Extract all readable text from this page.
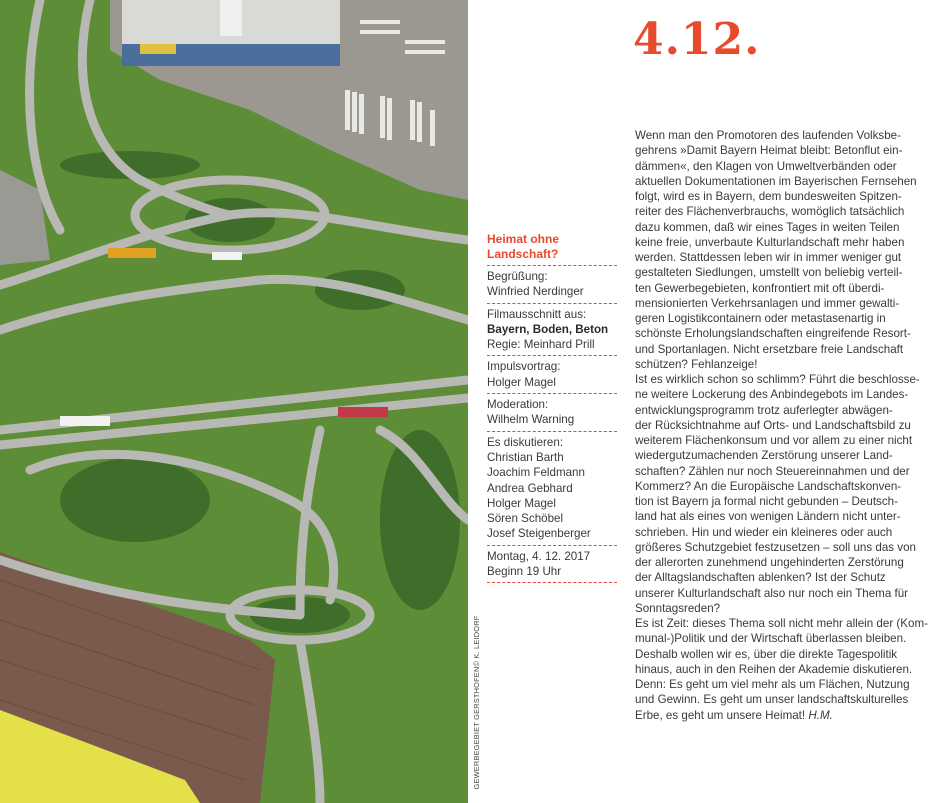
GEWERBEGEBIET GERSTHOFEN© K. LEIDORF
4.12.
Heimat ohne
Landschaft?
Begrüßung:
Winfried Nerdinger
Filmausschnitt aus:
Bayern, Boden, Beton
Regie: Meinhard Prill
Impulsvortrag:
Holger Magel
Moderation:
Wilhelm Warning
Es diskutieren:
Christian Barth
Joachim Feldmann
Andrea Gebhard
Holger Magel
Sören Schöbel
Josef Steigenberger
Montag, 4. 12. 2017
Beginn 19 Uhr
Wenn man den Promotoren des laufenden Volksbe-
gehrens »Damit Bayern Heimat bleibt: Betonflut ein-
dämmen«, den Klagen von Umweltverbänden oder
aktuellen Dokumentationen im Bayerischen Fernsehen
folgt, wird es in Bayern, dem bundesweiten Spitzen-
reiter des Flächenverbrauchs, womöglich tatsächlich
dazu kommen, daß wir eines Tages in weiten Teilen
keine freie, unverbaute Kulturlandschaft mehr haben
werden. Stattdessen leben wir in immer weniger gut
gestalteten Siedlungen, umstellt von beliebig verteil-
ten Gewerbegebieten, konfrontiert mit oft überdi-
mensionierten Verkehrsanlagen und immer gewalti-
geren Logistikcontainern oder metastasenartig in
schönste Erholungslandschaften eingreifende Resort-
und Sportanlagen. Nicht ersetzbare freie Landschaft
schützen? Fehlanzeige!
Ist es wirklich schon so schlimm? Führt die beschlosse-
ne weitere Lockerung des Anbindegebots im Landes-
entwicklungsprogramm trotz auferlegter abwägen-
der Rücksichtnahme auf Orts- und Landschaftsbild zu
weiterem Flächenkonsum und vor allem zu einer nicht
wiedergutzumachenden Zerstörung unserer Land-
schaften? Zählen nur noch Steuereinnahmen und der
Kommerz? An die Europäische Landschaftskonven-
tion ist Bayern ja formal nicht gebunden – Deutsch-
land hat als eines von wenigen Ländern nicht unter-
schrieben. Hin und wieder ein kleineres oder auch
größeres Schutzgebiet festzusetzen – soll uns das von
der allerorten zunehmend ungehinderten Zerstörung
der Alltagslandschaften ablenken? Ist der Schutz
unserer Kulturlandschaft also nur noch ein Thema für
Sonntagsreden?
Es ist Zeit: dieses Thema soll nicht mehr allein der (Kom-
munal-)Politik und der Wirtschaft überlassen bleiben.
Deshalb wollen wir es, über die direkte Tagespolitik
hinaus, auch in den Reihen der Akademie diskutieren.
Denn: Es geht um viel mehr als um Flächen, Nutzung
und Gewinn. Es geht um unser landschaftskulturelles
Erbe, es geht um unsere Heimat! H.M.
